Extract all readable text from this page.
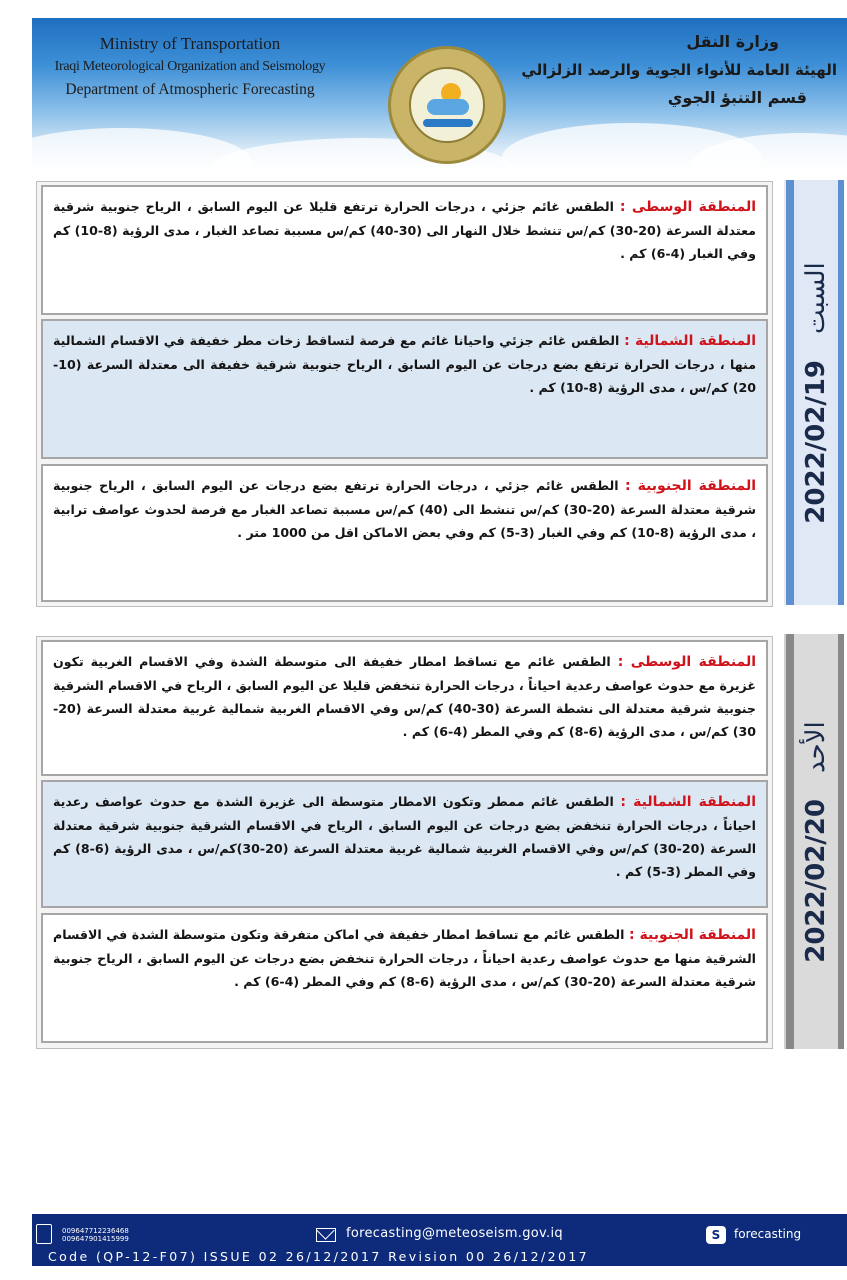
Ministry of Transportation
Iraqi Meteorological Organization and Seismology
Department of Atmospheric Forecasting
وزارة النقل
الهيئة العامة للأنواء الجوية والرصد الزلزالي
قسم التنبؤ الجوي
المنطقة الوسطى : الطقس غائم جزئي ، درجات الحرارة ترتفع قليلا عن اليوم السابق ، الرياح جنوبية شرقية معتدلة السرعة (20-30) كم/س تنشط خلال النهار الى (30-40) كم/س مسببة تصاعد الغبار ، مدى الرؤية (8-10) كم وفي الغبار (4-6) كم .
المنطقة الشمالية : الطقس غائم جزئي واحيانا غائم مع فرصة لتساقط زخات مطر خفيفة في الاقسام الشمالية منها ، درجات الحرارة ترتفع بضع درجات عن اليوم السابق ، الرياح جنوبية شرقية خفيفة الى معتدلة السرعة (10-20) كم/س ، مدى الرؤية (8-10) كم .
المنطقة الجنوبية : الطقس غائم جزئي ، درجات الحرارة ترتفع بضع درجات عن اليوم السابق ، الرياح جنوبية شرقية معتدلة السرعة (20-30) كم/س تنشط الى (40) كم/س مسببة تصاعد الغبار مع فرصة لحدوث عواصف ترابية ، مدى الرؤية (8-10) كم وفي الغبار (3-5) كم وفي بعض الاماكن اقل من 1000 متر .
2022/02/19السبت
المنطقة الوسطى : الطقس غائم مع تساقط امطار خفيفة الى متوسطة الشدة وفي الاقسام الغربية تكون غزيرة مع حدوث عواصف رعدية احياناً ، درجات الحرارة تنخفض قليلا عن اليوم السابق ، الرياح في الاقسام الشرقية جنوبية شرقية معتدلة الى نشطة السرعة (30-40) كم/س وفي الاقسام الغربية شمالية غربية معتدلة السرعة (20-30) كم/س ، مدى الرؤية (6-8) كم وفي المطر (4-6) كم .
المنطقة الشمالية : الطقس غائم ممطر وتكون الامطار متوسطة الى غزيرة الشدة مع حدوث عواصف رعدية احياناً ، درجات الحرارة تنخفض بضع درجات عن اليوم السابق ، الرياح في الاقسام الشرقية جنوبية شرقية معتدلة السرعة (20-30) كم/س وفي الاقسام الغربية شمالية غربية معتدلة السرعة (20-30)كم/س ، مدى الرؤية (6-8) كم وفي المطر (3-5) كم .
المنطقة الجنوبية : الطقس غائم مع تساقط امطار خفيفة في اماكن متفرقة وتكون متوسطة الشدة في الاقسام الشرقية منها مع حدوث عواصف رعدية احياناً ، درجات الحرارة تنخفض بضع درجات عن اليوم السابق ، الرياح جنوبية شرقية معتدلة السرعة (20-30) كم/س ، مدى الرؤية (6-8) كم وفي المطر (4-6) كم .
2022/02/20الأحد
009647712236468
009647901415999	forecasting@meteoseism.gov.iq	S	forecasting
Code (QP-12-F07) ISSUE 02 26/12/2017 Revision 00 26/12/2017
